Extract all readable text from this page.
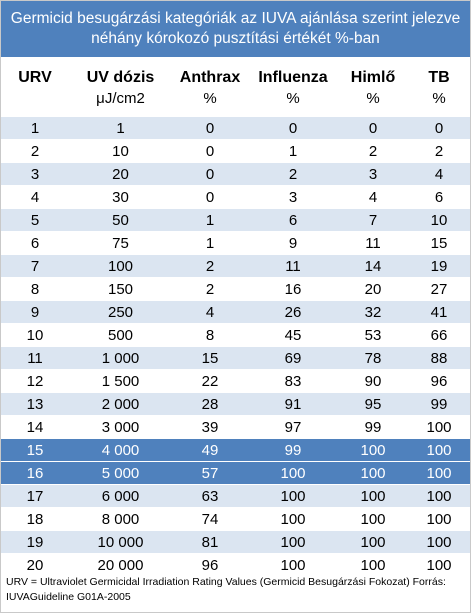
Germicid besugárzási kategóriák az IUVA ajánlása szerint jelezve
néhány kórokozó pusztítási értékét %-ban
URV	UV dózis	Anthrax	Influenza	Himlő	TB
	μJ/cm2	%	%	%	%
1	1	0	0	0	0
2	10	0	1	2	2
3	20	0	2	3	4
4	30	0	3	4	6
5	50	1	6	7	10
6	75	1	9	11	15
7	100	2	11	14	19
8	150	2	16	20	27
9	250	4	26	32	41
10	500	8	45	53	66
11	1 000	15	69	78	88
12	1 500	22	83	90	96
13	2 000	28	91	95	99
14	3 000	39	97	99	100
15	4 000	49	99	100	100
16	5 000	57	100	100	100
17	6 000	63	100	100	100
18	8 000	74	100	100	100
19	10 000	81	100	100	100
20	20 000	96	100	100	100
URV = Ultraviolet Germicidal Irradiation Rating Values (Germicid Besugárzási Fokozat) Forrás: IUVAGuideline G01A-2005
